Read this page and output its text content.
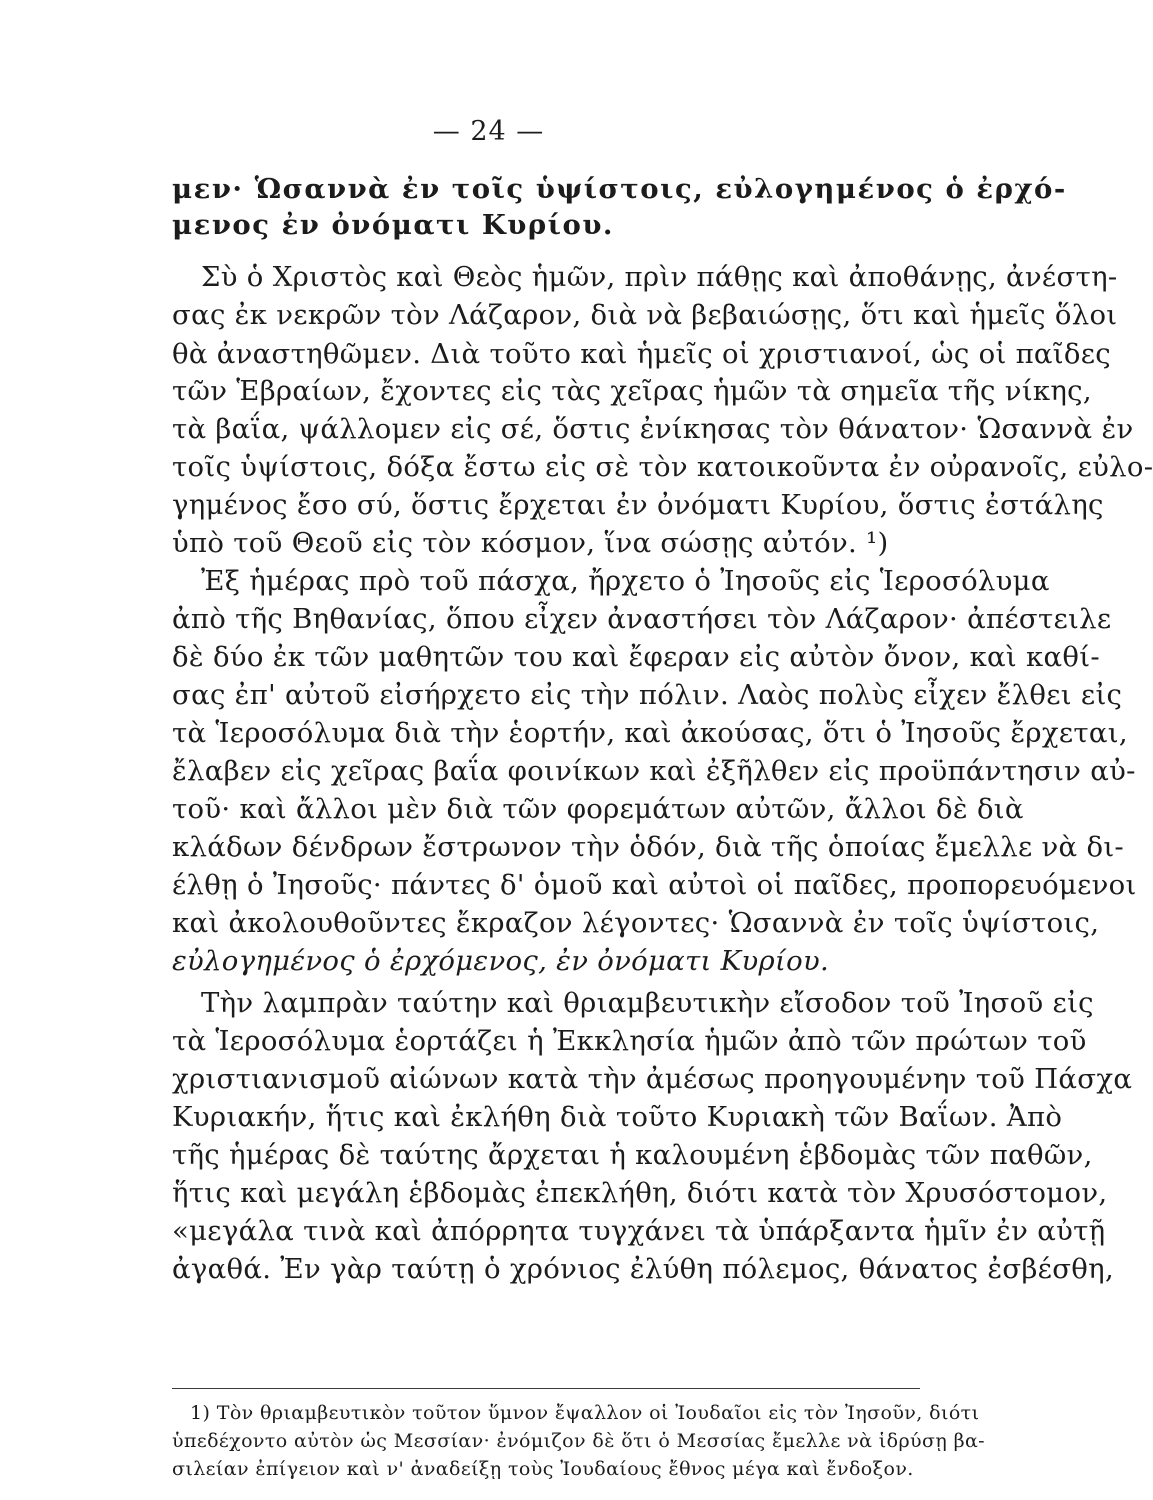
— 24 —
μεν· Ὡσαννὰ ἐν τοῖς ὑψίστοις, εὐλογημένος ὁ ἐρχό-
μενος ἐν ὀνόματι Κυρίου.
Σὺ ὁ Χριστὸς καὶ Θεὸς ἡμῶν, πρὶν πάθῃς καὶ ἀποθάνῃς, ἀνέστη-
σας ἐκ νεκρῶν τὸν Λάζαρον, διὰ νὰ βεβαιώσῃς, ὅτι καὶ ἡμεῖς ὅλοι
θὰ ἀναστηθῶμεν. Διὰ τοῦτο καὶ ἡμεῖς οἱ χριστιανοί, ὡς οἱ παῖδες
τῶν Ἑβραίων, ἔχοντες εἰς τὰς χεῖρας ἡμῶν τὰ σημεῖα τῆς νίκης,
τὰ βαΐα, ψάλλομεν εἰς σέ, ὅστις ἐνίκησας τὸν θάνατον· Ὡσαννὰ ἐν
τοῖς ὑψίστοις, δόξα ἔστω εἰς σὲ τὸν κατοικοῦντα ἐν οὐρανοῖς, εὐλο-
γημένος ἔσο σύ, ὅστις ἔρχεται ἐν ὀνόματι Κυρίου, ὅστις ἐστάλης
ὑπὸ τοῦ Θεοῦ εἰς τὸν κόσμον, ἵνα σώσῃς αὐτόν. ¹)
Ἐξ ἡμέρας πρὸ τοῦ πάσχα, ἤρχετο ὁ Ἰησοῦς εἰς Ἱεροσόλυμα
ἀπὸ τῆς Βηθανίας, ὅπου εἶχεν ἀναστήσει τὸν Λάζαρον· ἀπέστειλε
δὲ δύο ἐκ τῶν μαθητῶν του καὶ ἔφεραν εἰς αὐτὸν ὄνον, καὶ καθί-
σας ἐπ' αὐτοῦ εἰσήρχετο εἰς τὴν πόλιν. Λαὸς πολὺς εἶχεν ἔλθει εἰς
τὰ Ἱεροσόλυμα διὰ τὴν ἑορτήν, καὶ ἀκούσας, ὅτι ὁ Ἰησοῦς ἔρχεται,
ἔλαβεν εἰς χεῖρας βαΐα φοινίκων καὶ ἐξῆλθεν εἰς προϋπάντησιν αὐ-
τοῦ· καὶ ἄλλοι μὲν διὰ τῶν φορεμάτων αὐτῶν, ἄλλοι δὲ διὰ
κλάδων δένδρων ἔστρωνον τὴν ὁδόν, διὰ τῆς ὁποίας ἔμελλε νὰ δι-
έλθῃ ὁ Ἰησοῦς· πάντες δ' ὁμοῦ καὶ αὐτοὶ οἱ παῖδες, προπορευόμενοι
καὶ ἀκολουθοῦντες ἔκραζον λέγοντες· Ὡσαννὰ ἐν τοῖς ὑψίστοις,
εὐλογημένος ὁ ἐρχόμενος, ἐν ὀνόματι Κυρίου.
Τὴν λαμπρὰν ταύτην καὶ θριαμβευτικὴν εἴσοδον τοῦ Ἰησοῦ εἰς
τὰ Ἱεροσόλυμα ἑορτάζει ἡ Ἐκκλησία ἡμῶν ἀπὸ τῶν πρώτων τοῦ
χριστιανισμοῦ αἰώνων κατὰ τὴν ἀμέσως προηγουμένην τοῦ Πάσχα
Κυριακήν, ἥτις καὶ ἐκλήθη διὰ τοῦτο Κυριακὴ τῶν Βαΐων. Ἀπὸ
τῆς ἡμέρας δὲ ταύτης ἄρχεται ἡ καλουμένη ἑβδομὰς τῶν παθῶν,
ἥτις καὶ μεγάλη ἑβδομὰς ἐπεκλήθη, διότι κατὰ τὸν Χρυσόστομον,
«μεγάλα τινὰ καὶ ἀπόρρητα τυγχάνει τὰ ὑπάρξαντα ἡμῖν ἐν αὐτῇ
ἀγαθά. Ἐν γὰρ ταύτῃ ὁ χρόνιος ἐλύθη πόλεμος, θάνατος ἐσβέσθη,
1) Τὸν θριαμβευτικὸν τοῦτον ὕμνον ἔψαλλον οἱ Ἰουδαῖοι εἰς τὸν Ἰησοῦν, διότι
ὑπεδέχοντο αὐτὸν ὡς Μεσσίαν· ἐνόμιζον δὲ ὅτι ὁ Μεσσίας ἔμελλε νὰ ἱδρύσῃ βα-
σιλείαν ἐπίγειον καὶ ν' ἀναδείξῃ τοὺς Ἰουδαίους ἔθνος μέγα καὶ ἔνδοξον.
